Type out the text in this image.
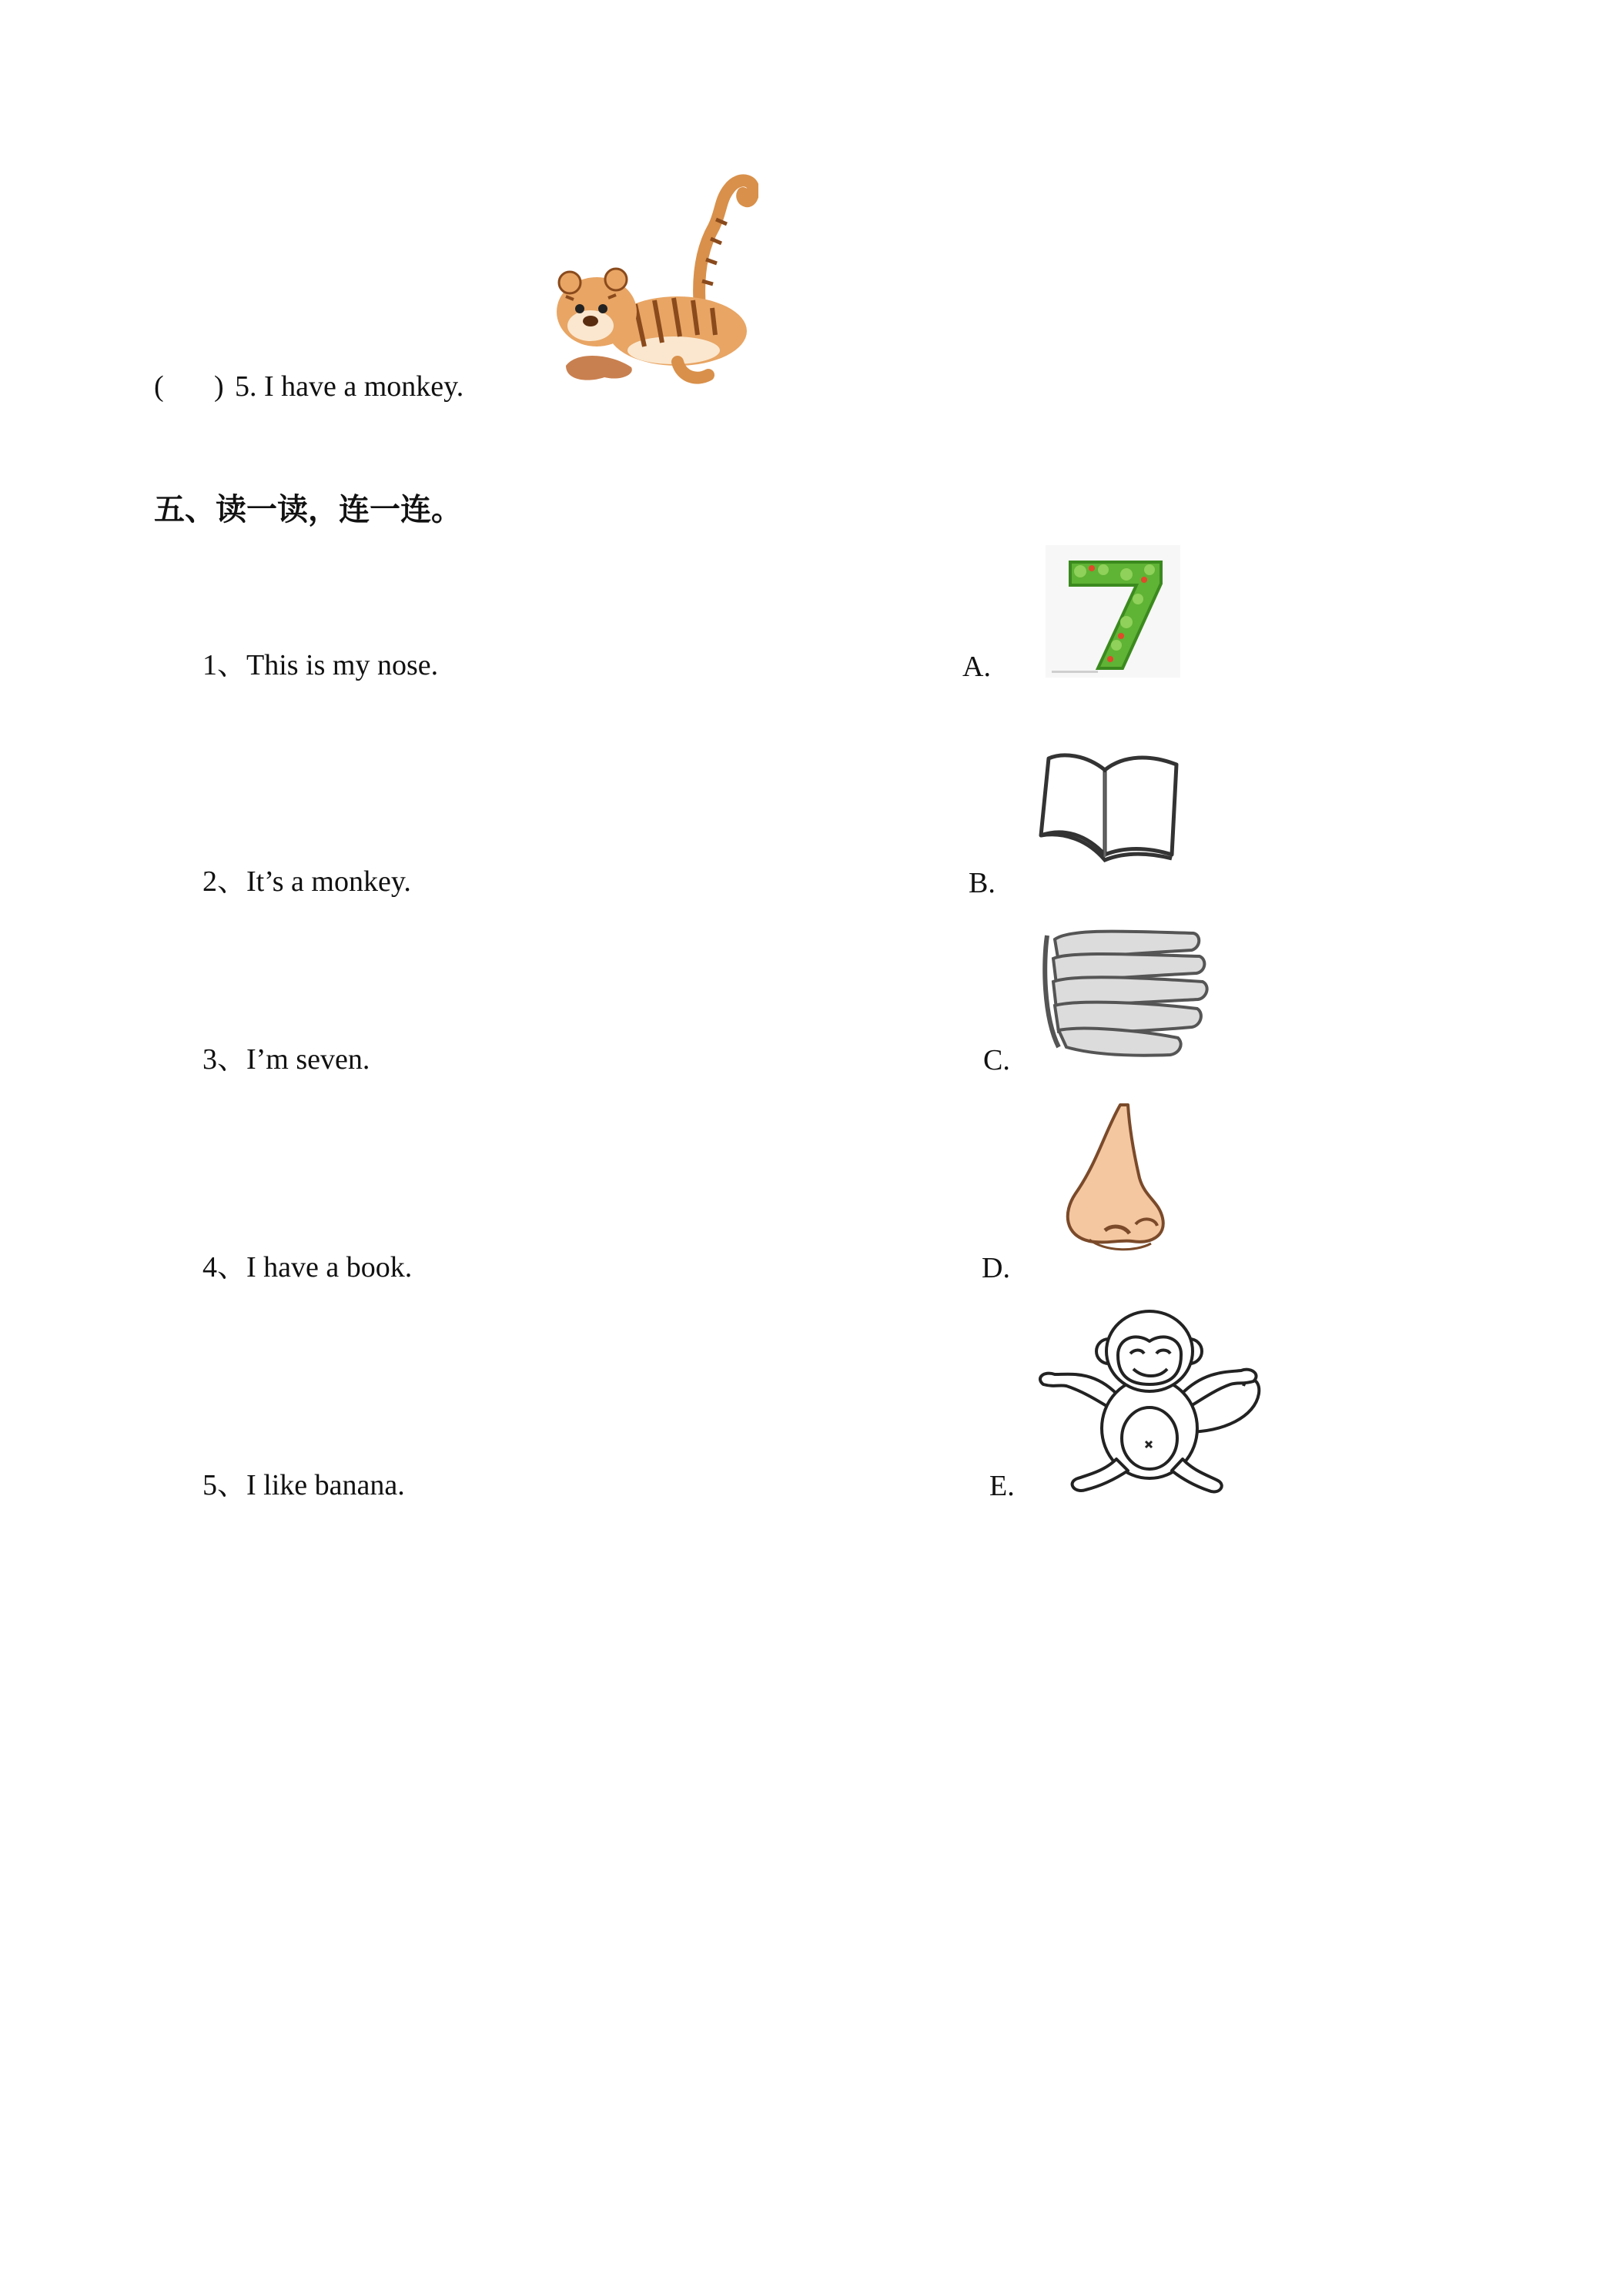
( ) 5. I have a monkey.
五、读一读，连一连。
1、This is my nose.
2、It’s a monkey.
3、I’m seven.
4、I have a book.
5、I like banana.
A.
B.
C.
D.
E.
